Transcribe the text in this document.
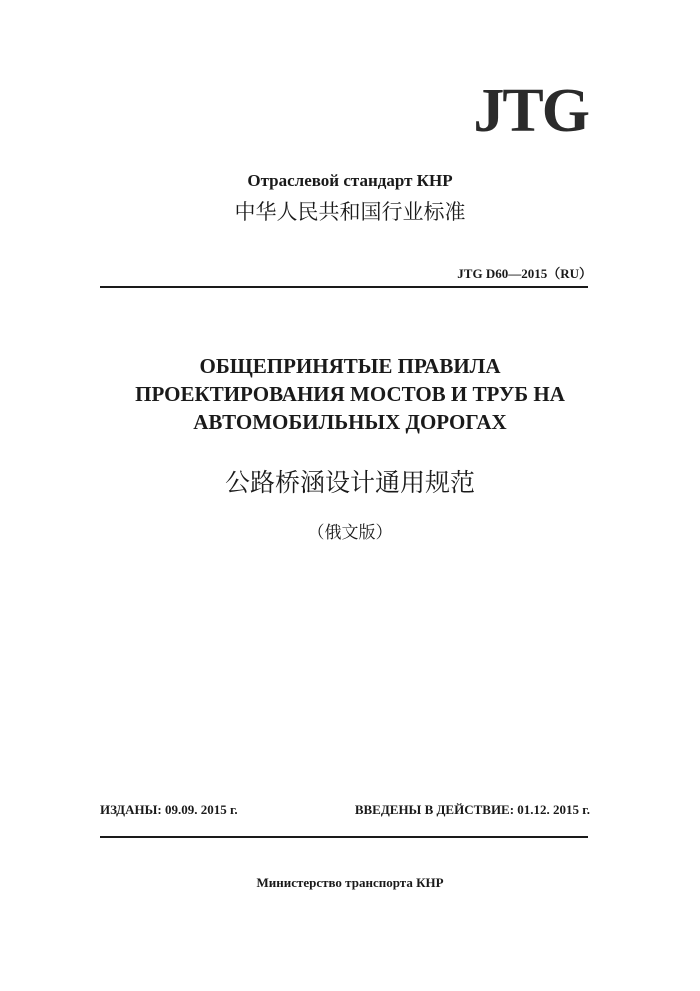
JTG
Отраслевой стандарт КНР
中华人民共和国行业标准
JTG D60—2015（RU）
ОБЩЕПРИНЯТЫЕ ПРАВИЛА
ПРОЕКТИРОВАНИЯ МОСТОВ И ТРУБ НА
АВТОМОБИЛЬНЫХ ДОРОГАХ
公路桥涵设计通用规范
（俄文版）
ИЗДАНЫ: 09.09. 2015 г.	ВВЕДЕНЫ В ДЕЙСТВИЕ: 01.12. 2015 г.
Министерство транспорта КНР
